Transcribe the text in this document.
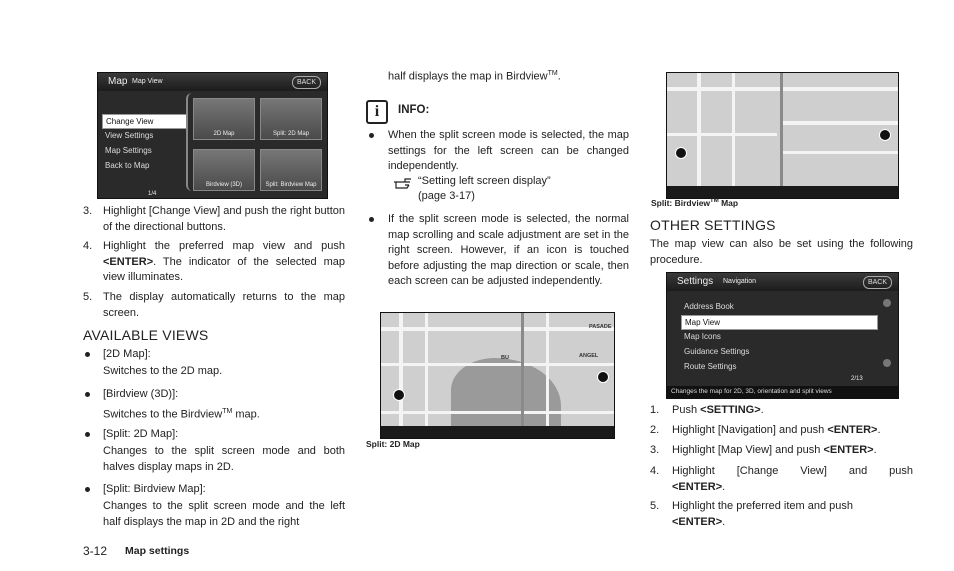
Map Map View	BACK
Change View
View Settings
Map Settings
Back to Map
2D Map	Split: 2D Map
Birdview (3D)	Split: Birdview Map
1/4
3. Highlight [Change View] and push the right button of the directional buttons.
4. Highlight the preferred map view and push <ENTER>. The indicator of the selected map view illuminates.
5. The display automatically returns to the map screen.
AVAILABLE VIEWS
[2D Map]:
Switches to the 2D map.
[Birdview (3D)]:
Switches to the Birdview™ map.
[Split: 2D Map]:
Changes to the split screen mode and both halves display maps in 2D.
[Split: Birdview Map]:
Changes to the split screen mode and the left half displays the map in 2D and the right
3-12 Map settings
half displays the map in Birdview™.
i	INFO:
When the split screen mode is selected, the map settings for the left screen can be changed independently.
“Setting left screen display”
(page 3-17)
If the split screen mode is selected, the normal map scrolling and scale adjustment are set in the right screen. However, if an icon is touched before adjusting the map direction or scale, then each screen can be adjusted independently.
PASADE
ANGEL
BU
Split: 2D Map
Split: Birdview™ Map
OTHER SETTINGS
The map view can also be set using the following procedure.
Settings Navigation	BACK
Address Book
Map View
Map Icons
Guidance Settings
Route Settings
2/13
Changes the map for 2D, 3D, orientation and split views
1. Push <SETTING>.
2. Highlight [Navigation] and push <ENTER>.
3. Highlight [Map View] and push <ENTER>.
4. Highlight [Change View] and push
<ENTER>.
5. Highlight the preferred item and push
<ENTER>.
